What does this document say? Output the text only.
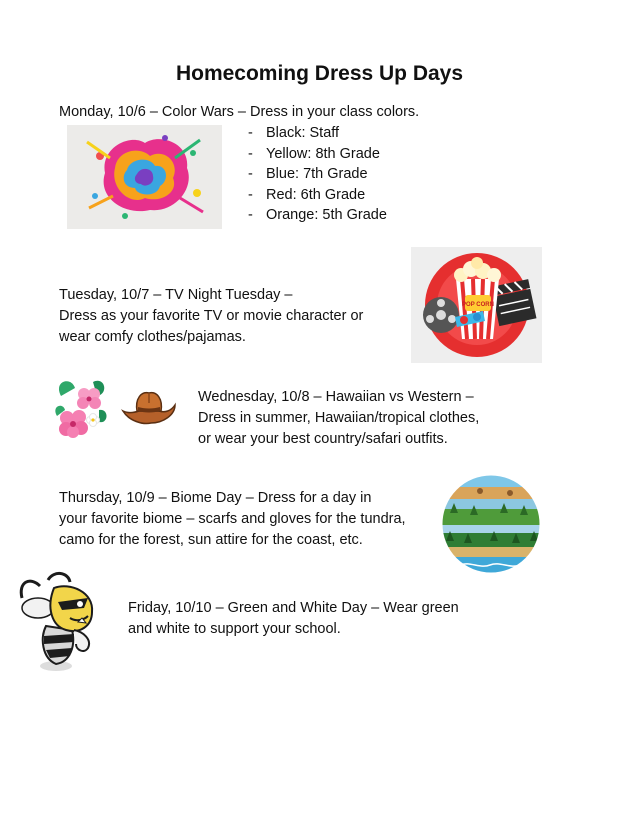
Homecoming Dress Up Days
Monday, 10/6 – Color Wars – Dress in your class colors.
- Black: Staff
- Yellow: 8th Grade
- Blue: 7th Grade
- Red: 6th Grade
- Orange: 5th Grade
Tuesday, 10/7 – TV Night Tuesday –
Dress as your favorite TV or movie character or
wear comfy clothes/pajamas.
POP CORN
Wednesday, 10/8 – Hawaiian vs Western –
Dress in summer, Hawaiian/tropical clothes,
or wear your best country/safari outfits.
Thursday, 10/9 – Biome Day – Dress for a day in
your favorite biome – scarfs and gloves for the tundra,
camo for the forest, sun attire for the coast, etc.
Friday, 10/10 – Green and White Day – Wear green
and white to support your school.
